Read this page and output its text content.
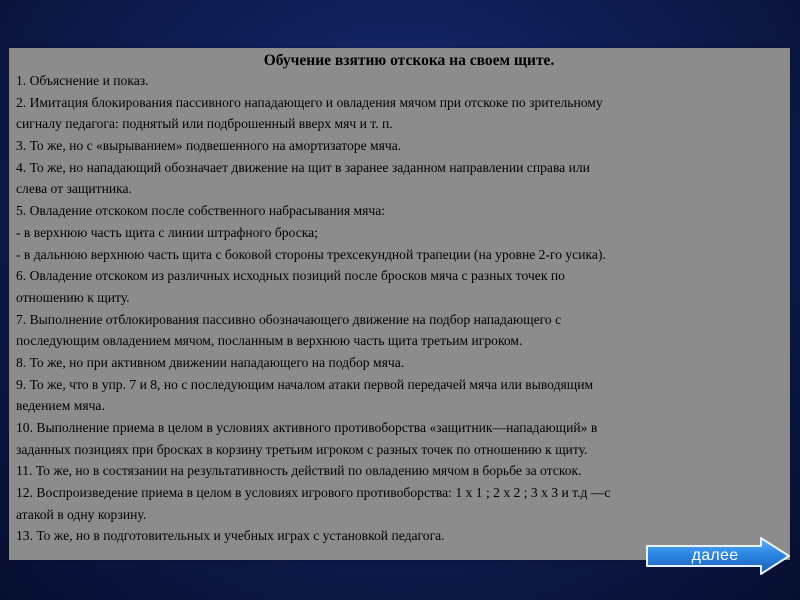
Обучение взятию отскока на своем щите.
1. Объяснение и показ.
2. Имитация блокирования пассивного нападающего и овладения мячом при отскоке по зрительному
сигналу педагога: поднятый или подброшенный вверх мяч и т. п.
3. То же, но с «вырыванием» подвешенного на амортизаторе мяча.
4. То же, но нападающий обозначает движение на щит в заранее заданном направлении справа или
слева от защитника.
5. Овладение отскоком после собственного набрасывания мяча:
- в верхнюю часть щита с линии штрафного броска;
- в дальнюю верхнюю часть щита с боковой стороны трехсекундной трапеции (на уровне 2-го усика).
6. Овладение отскоком из различных исходных позиций после бросков мяча с разных точек по
отношению к щиту.
7. Выполнение отблокирования пассивно обозначающего движение на подбор нападающего с
последующим овладением мячом, посланным в верхнюю часть щита третьим игроком.
8. То же, но при активном движении нападающего на подбор мяча.
9. То же, что в упр. 7 и 8, но с последующим началом атаки первой передачей мяча или выводящим
ведением мяча.
10. Выполнение приема в целом в условиях активного противоборства «защитник—нападающий» в
заданных позициях при бросках в корзину третьим игроком с разных точек по отношению к щиту.
11. То же, но в состязании на результативность действий по овладению мячом в борьбе за отскок.
12. Воспроизведение приема в целом в условиях игрового противоборства: 1 х 1 ; 2 х 2 ; 3 х 3 и т.д —с
атакой в одну корзину.
13. То же, но в подготовительных и учебных играх с установкой педагога.
далее
